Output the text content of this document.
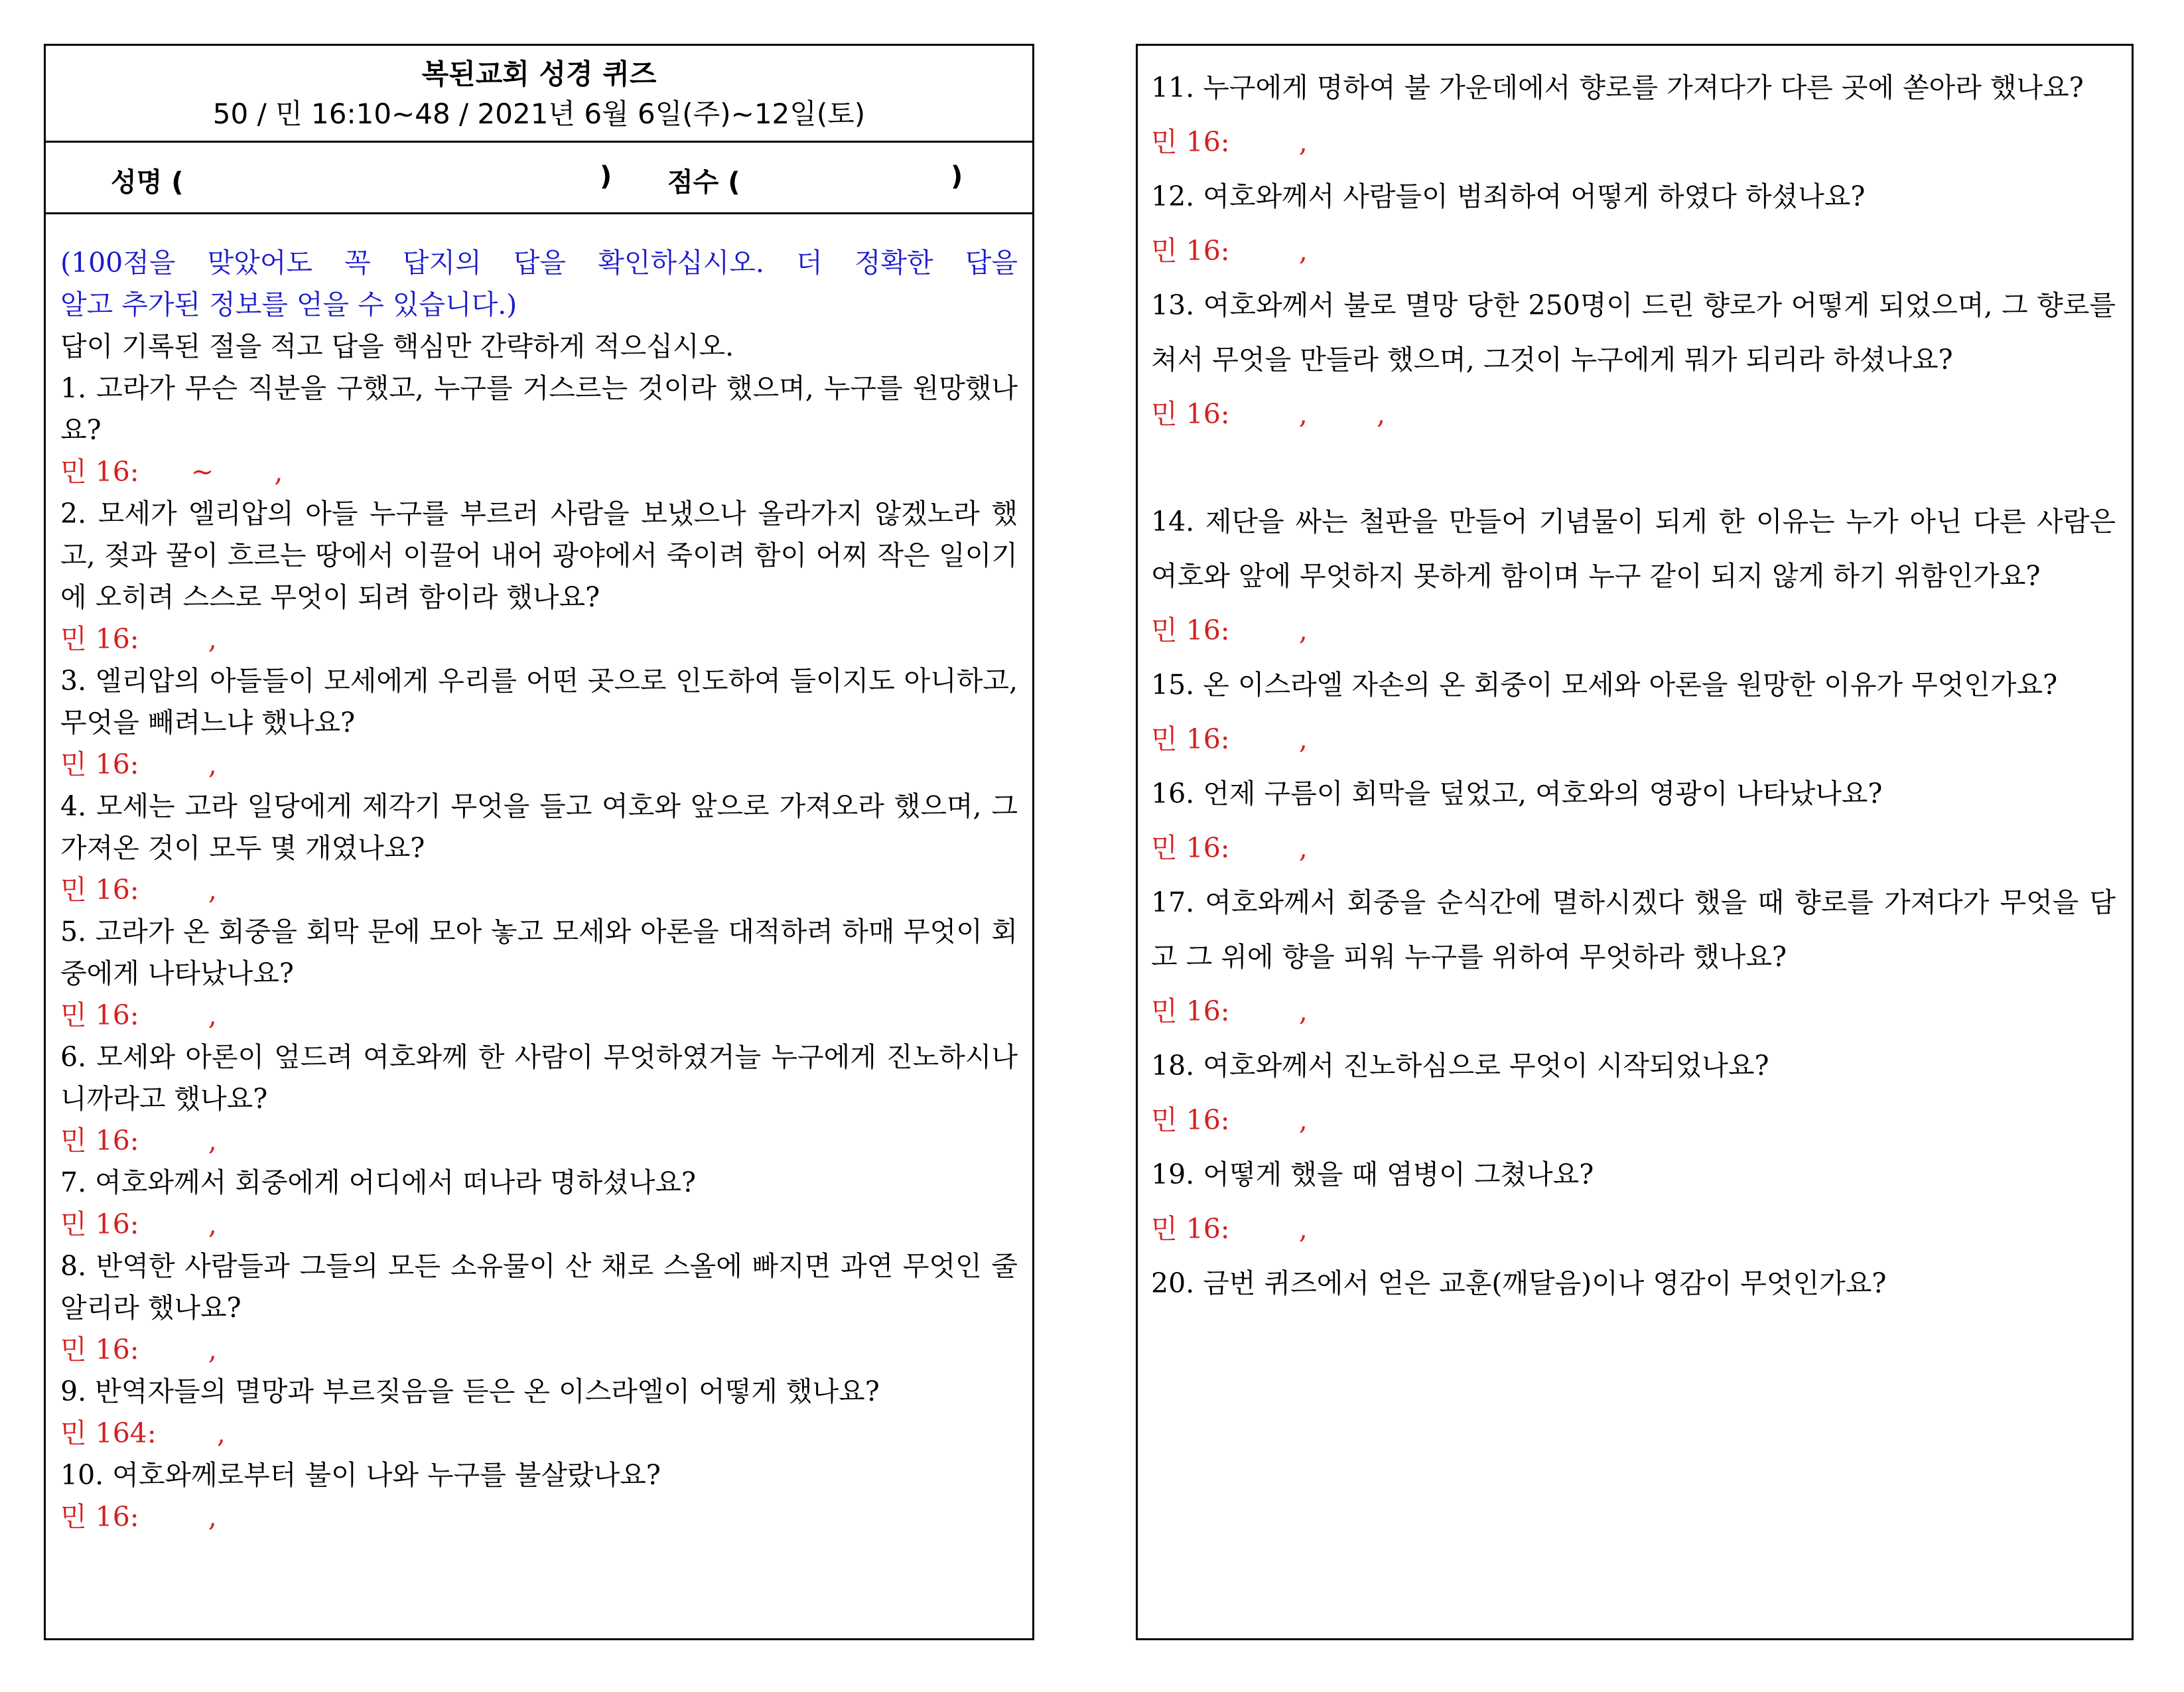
복된교회 성경 퀴즈
50 / 민 16:10~48 / 2021년 6월 6일(주)~12일(토)
성명 (	) 점수 (	)
(100점을 맞았어도 꼭 답지의 답을 확인하십시오. 더 정확한 답을
알고 추가된 정보를 얻을 수 있습니다.)
답이 기록된 절을 적고 답을 핵심만 간략하게 적으십시오.
1. 고라가 무슨 직분을 구했고, 누구를 거스르는 것이라 했으며, 누구를 원망했나요?
민 16:      ~       ,
2. 모세가 엘리압의 아들 누구를 부르러 사람을 보냈으나 올라가지 않겠노라 했고, 젖과 꿀이 흐르는 땅에서 이끌어 내어 광야에서 죽이려 함이 어찌 작은 일이기에 오히려 스스로 무엇이 되려 함이라 했나요?
민 16:        ,
3. 엘리압의 아들들이 모세에게 우리를 어떤 곳으로 인도하여 들이지도 아니하고, 무엇을 빼려느냐 했나요?
민 16:        ,
4. 모세는 고라 일당에게 제각기 무엇을 들고 여호와 앞으로 가져오라 했으며, 그 가져온 것이 모두 몇 개였나요?
민 16:        ,
5. 고라가 온 회중을 회막 문에 모아 놓고 모세와 아론을 대적하려 하매 무엇이 회중에게 나타났나요?
민 16:        ,
6. 모세와 아론이 엎드려 여호와께 한 사람이 무엇하였거늘 누구에게 진노하시나니까라고 했나요?
민 16:        ,
7. 여호와께서 회중에게 어디에서 떠나라 명하셨나요?
민 16:        ,
8. 반역한 사람들과 그들의 모든 소유물이 산 채로 스올에 빠지면 과연 무엇인 줄 알리라 했나요?
민 16:        ,
9. 반역자들의 멸망과 부르짖음을 듣은 온 이스라엘이 어떻게 했나요?
민 164:       ,
10. 여호와께로부터 불이 나와 누구를 불살랐나요?
민 16:        ,
11. 누구에게 명하여 불 가운데에서 향로를 가져다가 다른 곳에 쏟아라 했나요?
민 16:        ,
12. 여호와께서 사람들이 범죄하여 어떻게 하였다 하셨나요?
민 16:        ,
13. 여호와께서 불로 멸망 당한 250명이 드린 향로가 어떻게 되었으며, 그 향로를 쳐서 무엇을 만들라 했으며, 그것이 누구에게 뭐가 되리라 하셨나요?
민 16:        ,        ,
14. 제단을 싸는 철판을 만들어 기념물이 되게 한 이유는 누가 아닌 다른 사람은 여호와 앞에 무엇하지 못하게 함이며 누구 같이 되지 않게 하기 위함인가요?
민 16:        ,
15. 온 이스라엘 자손의 온 회중이 모세와 아론을 원망한 이유가 무엇인가요?
민 16:        ,
16. 언제 구름이 회막을 덮었고, 여호와의 영광이 나타났나요?
민 16:        ,
17. 여호와께서 회중을 순식간에 멸하시겠다 했을 때 향로를 가져다가 무엇을 담고 그 위에 향을 피워 누구를 위하여 무엇하라 했나요?
민 16:        ,
18. 여호와께서 진노하심으로 무엇이 시작되었나요?
민 16:        ,
19. 어떻게 했을 때 염병이 그쳤나요?
민 16:        ,
20. 금번 퀴즈에서 얻은 교훈(깨달음)이나 영감이 무엇인가요?
